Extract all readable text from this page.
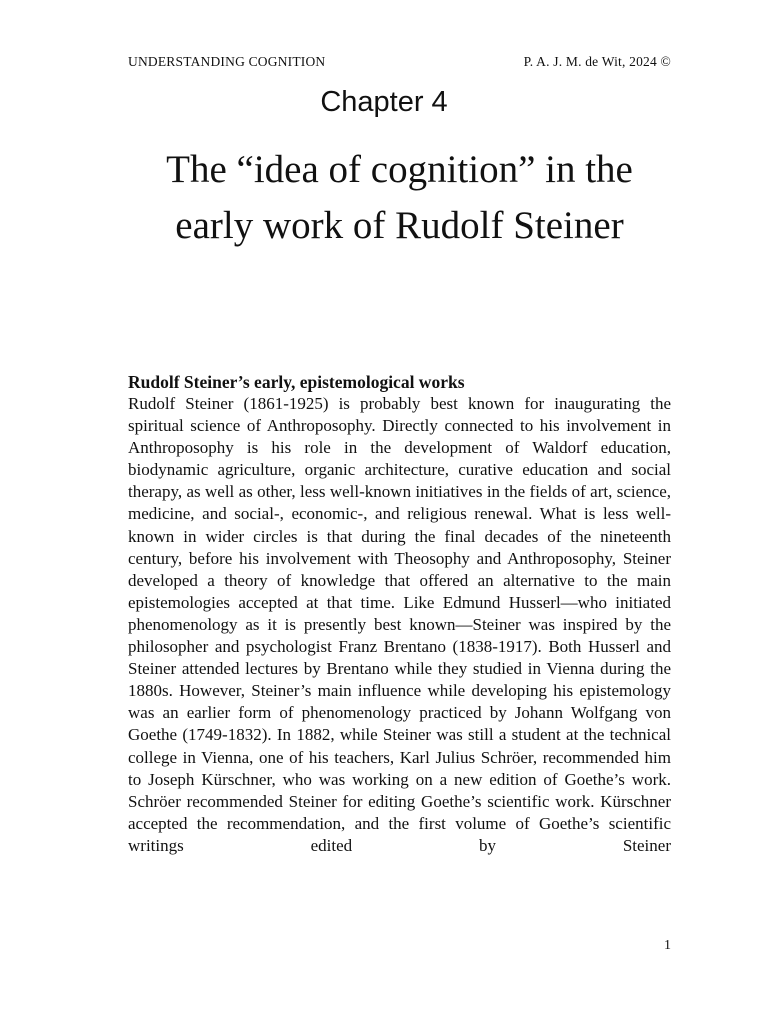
UNDERSTANDING COGNITION	P. A. J. M. de Wit, 2024 ©
Chapter 4
The “idea of cognition” in the early work of Rudolf Steiner
Rudolf Steiner’s early, epistemological works

Rudolf Steiner (1861-1925) is probably best known for inaugurating the spiritual science of Anthroposophy. Directly connected to his involvement in Anthroposophy is his role in the development of Waldorf education, biodynamic agriculture, organic architecture, curative education and social therapy, as well as other, less well-known initiatives in the fields of art, science, medicine, and social-, economic-, and religious renewal. What is less well-known in wider circles is that during the final decades of the nineteenth century, before his involvement with Theosophy and Anthroposophy, Steiner developed a theory of knowledge that offered an alternative to the main epistemologies accepted at that time. Like Edmund Husserl—who initiated phenomenology as it is presently best known—Steiner was inspired by the philosopher and psychologist Franz Brentano (1838-1917). Both Husserl and Steiner attended lectures by Brentano while they studied in Vienna during the 1880s. However, Steiner’s main influence while developing his epistemology was an earlier form of phenomenology practiced by Johann Wolfgang von Goethe (1749-1832). In 1882, while Steiner was still a student at the technical college in Vienna, one of his teachers, Karl Julius Schröer, recommended him to Joseph Kürschner, who was working on a new edition of Goethe’s work. Schröer recommended Steiner for editing Goethe’s scientific work. Kürschner accepted the recommendation, and the first volume of Goethe’s scientific writings edited by Steiner

1
